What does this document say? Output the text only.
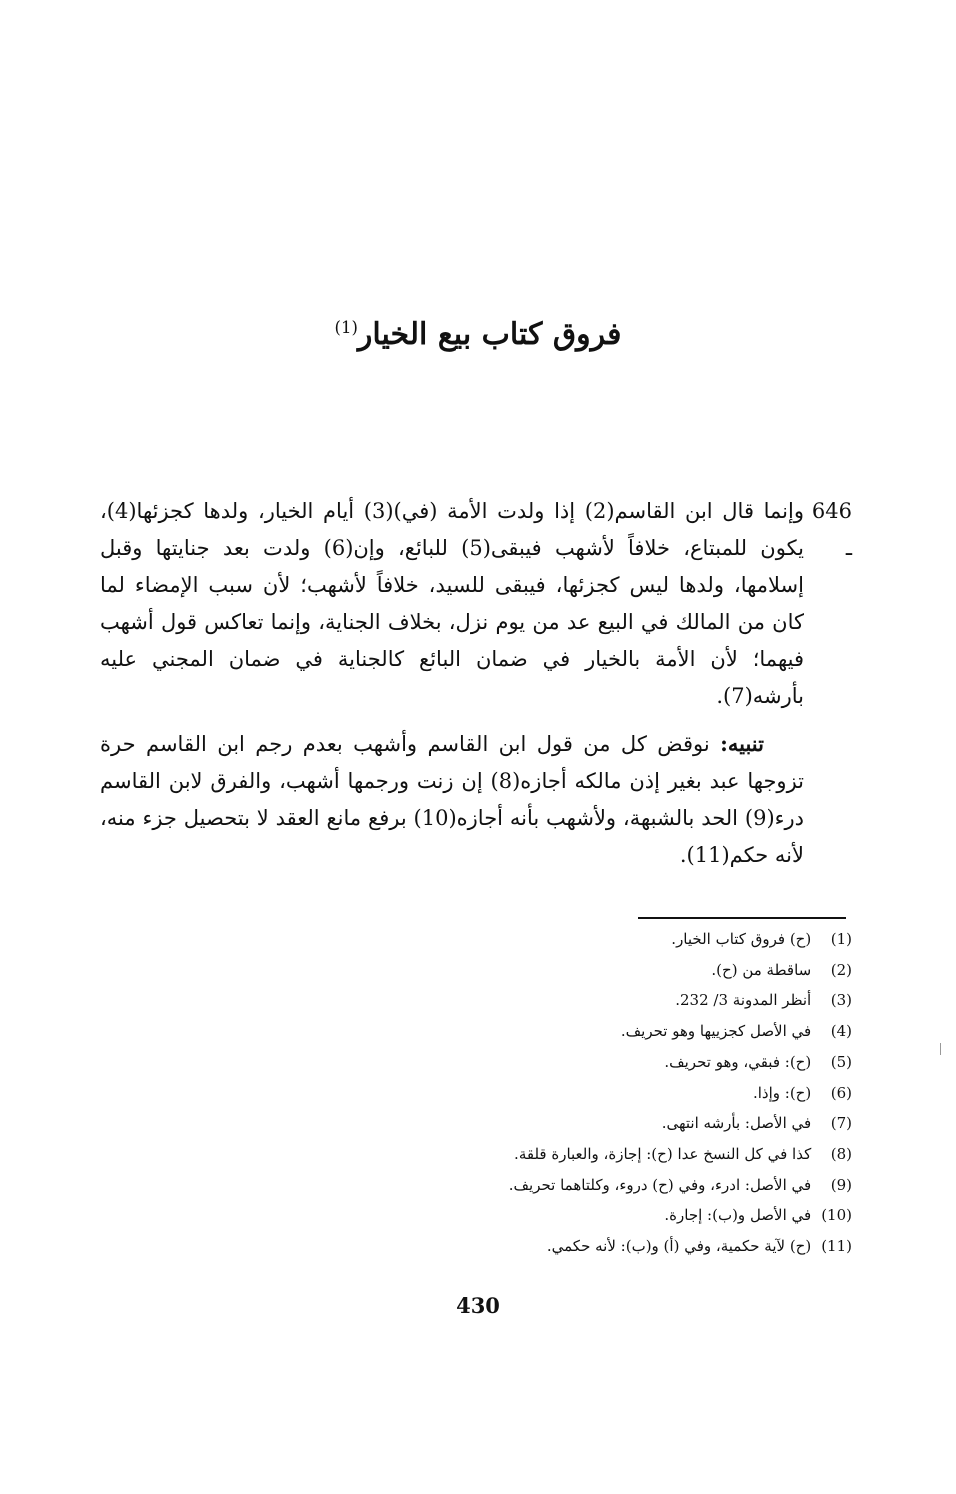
فروق كتاب بيع الخيار$^{(1)}$

646 ـ
وإنما قال ابن القاسم(2) إذا ولدت الأمة (في)(3) أيام الخيار، ولدها كجزئها(4)، يكون للمبتاع، خلافاً لأشهب فيبقى(5) للبائع، وإن(6) ولدت بعد جنايتها وقبل إسلامها، ولدها ليس كجزئها، فيبقى للسيد، خلافاً لأشهب؛ لأن سبب الإمضاء لما كان من المالك في البيع عد من يوم نزل، بخلاف الجناية، وإنما تعاكس قول أشهب فيهما؛ لأن الأمة بالخيار في ضمان البائع كالجناية في ضمان المجني عليه بأرشه(7).

تنبيه: نوقض كل من قول ابن القاسم وأشهب بعدم رجم ابن القاسم حرة تزوجها عبد بغير إذن مالكه أجازه(8) إن زنت ورجمها أشهب، والفرق لابن القاسم درء(9) الحد بالشبهة، ولأشهب بأنه أجازه(10) برفع مانع العقد لا بتحصيل جزء منه، لأنه حكم(11).

(1) (ح) فروق كتاب الخيار.
(2) ساقطة من (ح).
(3) أنظر المدونة 3/ 232.
(4) في الأصل كجزييها وهو تحريف.
(5) (ح): فبقي، وهو تحريف.
(6) (ح): وإذا.
(7) في الأصل: بأرشه انتهى.
(8) كذا في كل النسخ عدا (ح): إجازة، والعبارة قلقة.
(9) في الأصل: ادرء، وفي (ح) دروء، وكلتاهما تحريف.
(10) في الأصل و(ب): إجارة.
(11) (ح) لآية حكمية، وفي (أ) و(ب): لأنه حكمي.
430
